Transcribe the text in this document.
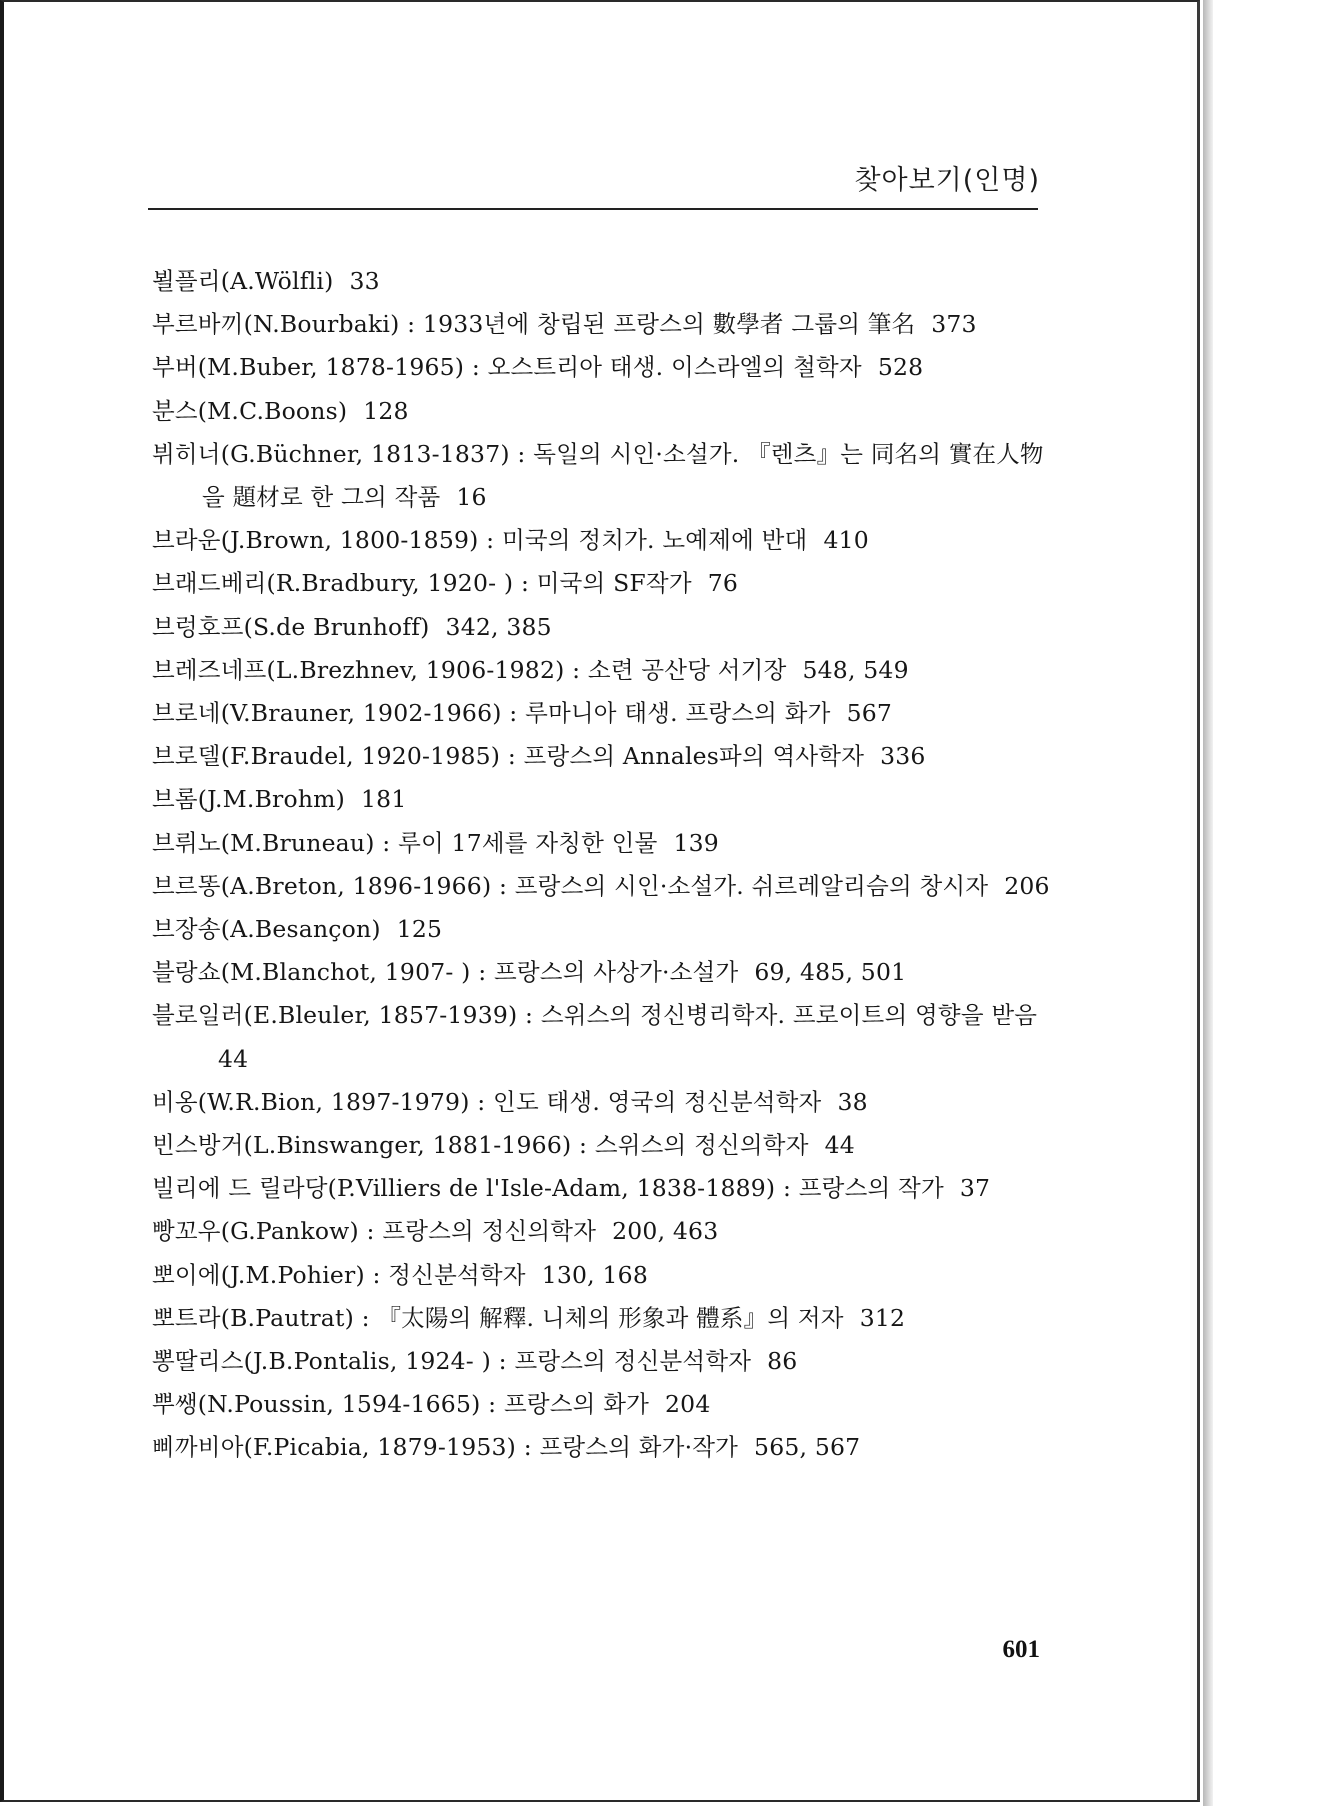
찾아보기(인명)
뵐플리(A.Wölfli) 33
부르바끼(N.Bourbaki) : 1933년에 창립된 프랑스의 數學者 그룹의 筆名 373
부버(M.Buber, 1878-1965) : 오스트리아 태생. 이스라엘의 철학자 528
분스(M.C.Boons) 128
뷔히너(G.Büchner, 1813-1837) : 독일의 시인·소설가. 『렌츠』는 同名의 實在人物을 題材로 한 그의 작품 16
브라운(J.Brown, 1800-1859) : 미국의 정치가. 노예제에 반대 410
브래드베리(R.Bradbury, 1920- ) : 미국의 SF작가 76
브렁호프(S.de Brunhoff) 342, 385
브레즈네프(L.Brezhnev, 1906-1982) : 소련 공산당 서기장 548, 549
브로네(V.Brauner, 1902-1966) : 루마니아 태생. 프랑스의 화가 567
브로델(F.Braudel, 1920-1985) : 프랑스의 Annales파의 역사학자 336
브롬(J.M.Brohm) 181
브뤼노(M.Bruneau) : 루이 17세를 자칭한 인물 139
브르똥(A.Breton, 1896-1966) : 프랑스의 시인·소설가. 쉬르레알리슴의 창시자 206
브장송(A.Besançon) 125
블랑쇼(M.Blanchot, 1907- ) : 프랑스의 사상가·소설가 69, 485, 501
블로일러(E.Bleuler, 1857-1939) : 스위스의 정신병리학자. 프로이트의 영향을 받음44
비옹(W.R.Bion, 1897-1979) : 인도 태생. 영국의 정신분석학자 38
빈스방거(L.Binswanger, 1881-1966) : 스위스의 정신의학자 44
빌리에 드 릴라당(P.Villiers de l'Isle-Adam, 1838-1889) : 프랑스의 작가 37
빵꼬우(G.Pankow) : 프랑스의 정신의학자 200, 463
뽀이에(J.M.Pohier) : 정신분석학자 130, 168
뽀트라(B.Pautrat) : 『太陽의 解釋. 니체의 形象과 體系』의 저자 312
뽕딸리스(J.B.Pontalis, 1924- ) : 프랑스의 정신분석학자 86
뿌쌩(N.Poussin, 1594-1665) : 프랑스의 화가 204
삐까비아(F.Picabia, 1879-1953) : 프랑스의 화가·작가 565, 567
601
